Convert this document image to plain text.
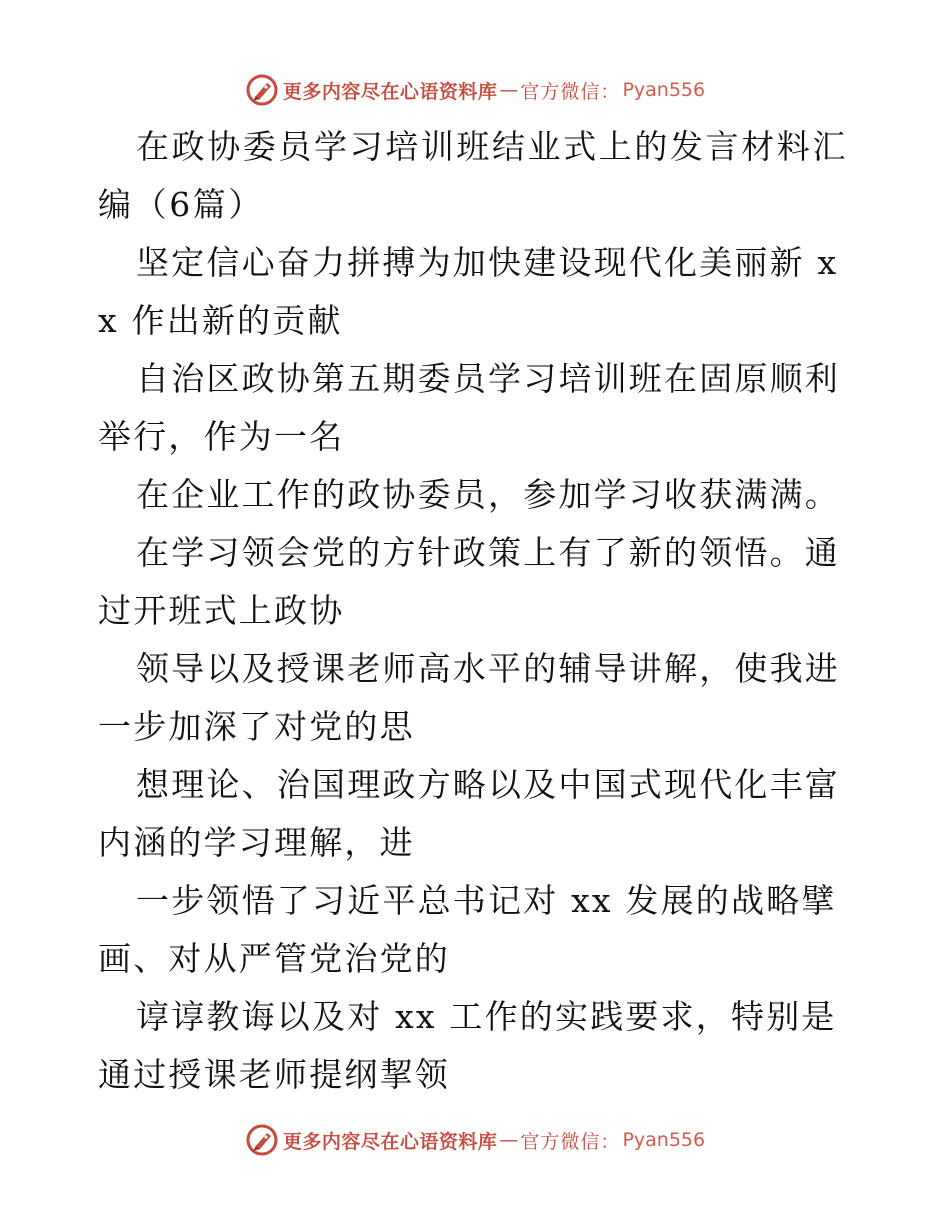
更多内容尽在心语资料库 — 官方微信： Pyan556

在政协委员学习培训班结业式上的发言材料汇编（6篇）

坚定信心奋力拼搏为加快建设现代化美丽新 xx 作出新的贡献

自治区政协第五期委员学习培训班在固原顺利举行，作为一名

在企业工作的政协委员，参加学习收获满满。

在学习领会党的方针政策上有了新的领悟。通过开班式上政协

领导以及授课老师高水平的辅导讲解，使我进一步加深了对党的思

想理论、治国理政方略以及中国式现代化丰富内涵的学习理解，进

一步领悟了习近平总书记对 xx 发展的战略擘画、对从严管党治党的

谆谆教诲以及对 xx 工作的实践要求，特别是通过授课老师提纲挈领

更多内容尽在心语资料库 — 官方微信： Pyan556
